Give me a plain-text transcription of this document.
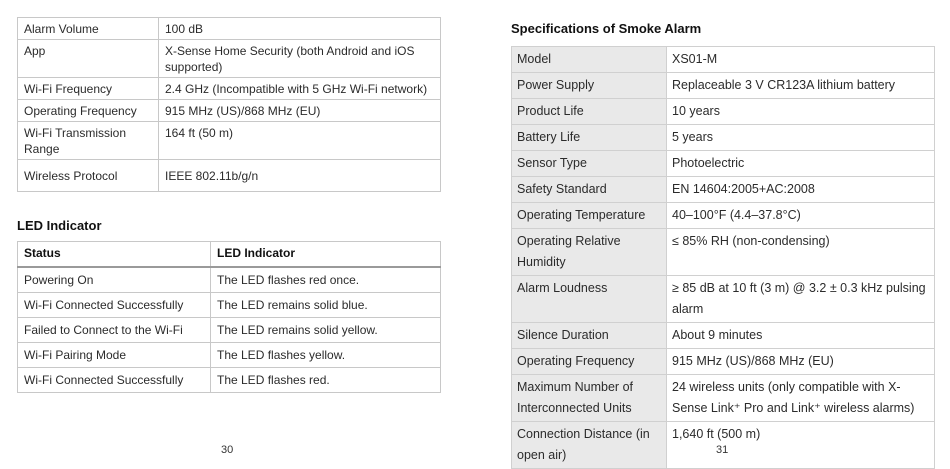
Alarm Volume	100 dB
App	X-Sense Home Security (both Android and iOS supported)
Wi-Fi Frequency	2.4 GHz (Incompatible with 5 GHz Wi-Fi network)
Operating Frequency	915 MHz (US)/868 MHz (EU)
Wi-Fi Transmission Range	164 ft (50 m)
Wireless Protocol	IEEE 802.11b/g/n
LED Indicator
Status	LED Indicator
Powering On	The LED flashes red once.
Wi-Fi Connected Successfully	The LED remains solid blue.
Failed to Connect to the Wi-Fi	The LED remains solid yellow.
Wi-Fi Pairing Mode	The LED flashes yellow.
Wi-Fi Connected Successfully	The LED flashes red.
30
Specifications of Smoke Alarm
Model	XS01-M
Power Supply	Replaceable 3 V CR123A lithium battery
Product Life	10 years
Battery Life	5 years
Sensor Type	Photoelectric
Safety Standard	EN 14604:2005+AC:2008
Operating Temperature	40–100°F (4.4–37.8°C)
Operating Relative Humidity	≤ 85% RH (non-condensing)
Alarm Loudness	≥ 85 dB at 10 ft (3 m) @ 3.2 ± 0.3 kHz pulsing alarm
Silence Duration	About 9 minutes
Operating Frequency	915 MHz (US)/868 MHz (EU)
Maximum Number of Interconnected Units	24 wireless units (only compatible with X-Sense Link⁺ Pro and Link⁺ wireless alarms)
Connection Distance (in open air)	1,640 ft (500 m)
31
